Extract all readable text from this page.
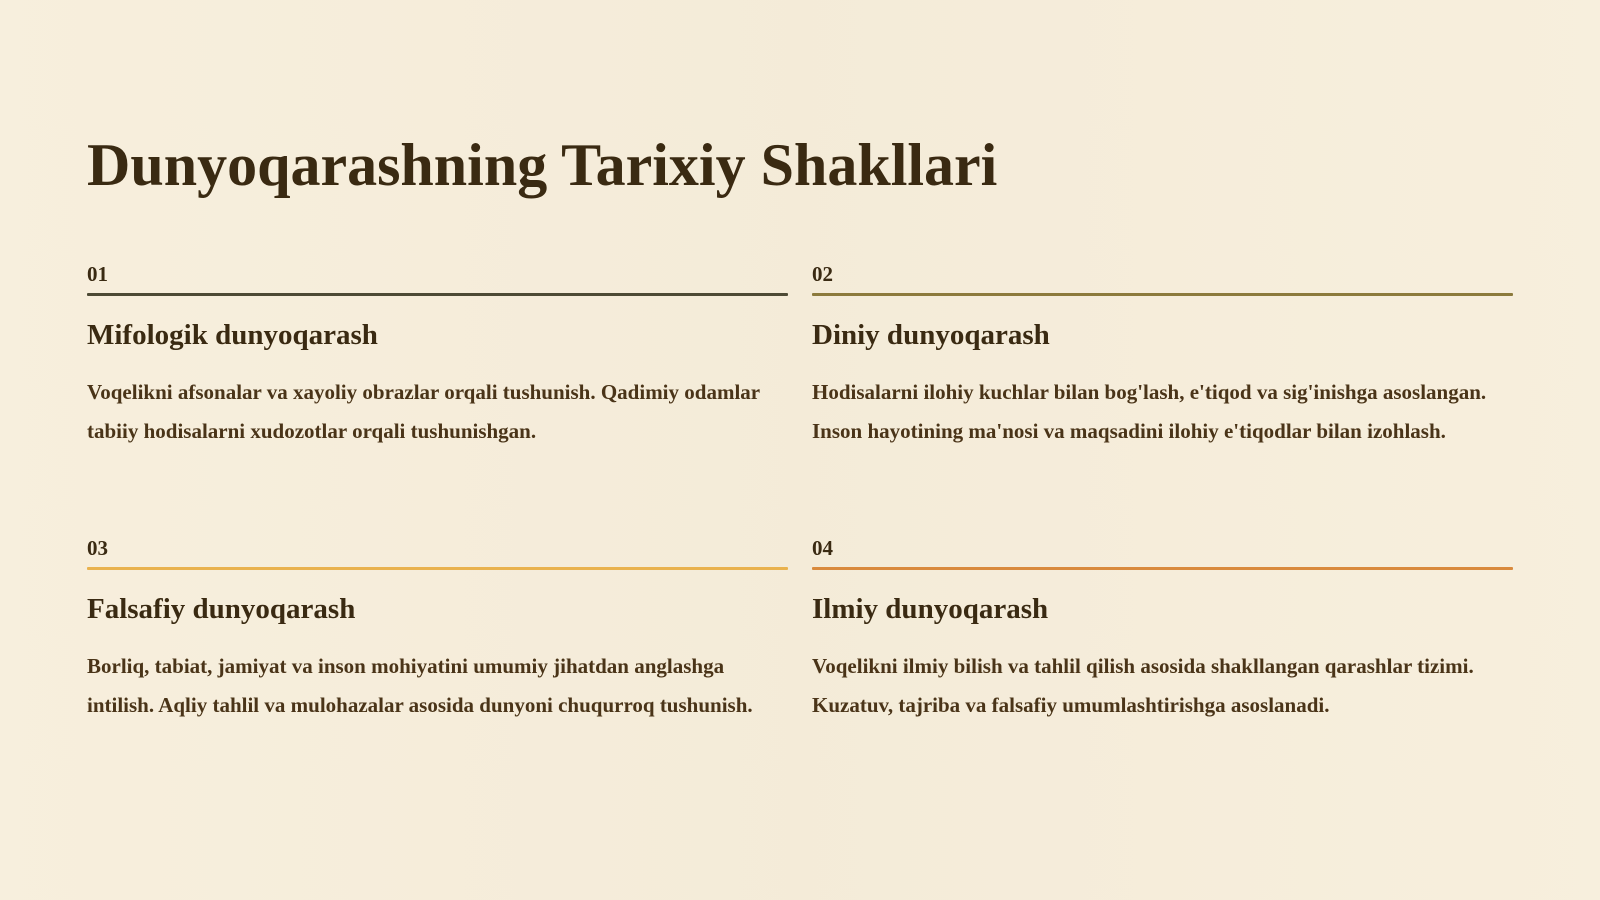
Dunyoqarashning Tarixiy Shakllari
01
Mifologik dunyoqarash

Voqelikni afsonalar va xayoliy obrazlar orqali tushunish. Qadimiy odamlar tabiiy hodisalarni xudozotlar orqali tushunishgan.

02
Diniy dunyoqarash

Hodisalarni ilohiy kuchlar bilan bog'lash, e'tiqod va sig'inishga asoslangan. Inson hayotining ma'nosi va maqsadini ilohiy e'tiqodlar bilan izohlash.

03
Falsafiy dunyoqarash

Borliq, tabiat, jamiyat va inson mohiyatini umumiy jihatdan anglashga intilish. Aqliy tahlil va mulohazalar asosida dunyoni chuqurroq tushunish.

04
Ilmiy dunyoqarash

Voqelikni ilmiy bilish va tahlil qilish asosida shakllangan qarashlar tizimi. Kuzatuv, tajriba va falsafiy umumlashtirishga asoslanadi.
